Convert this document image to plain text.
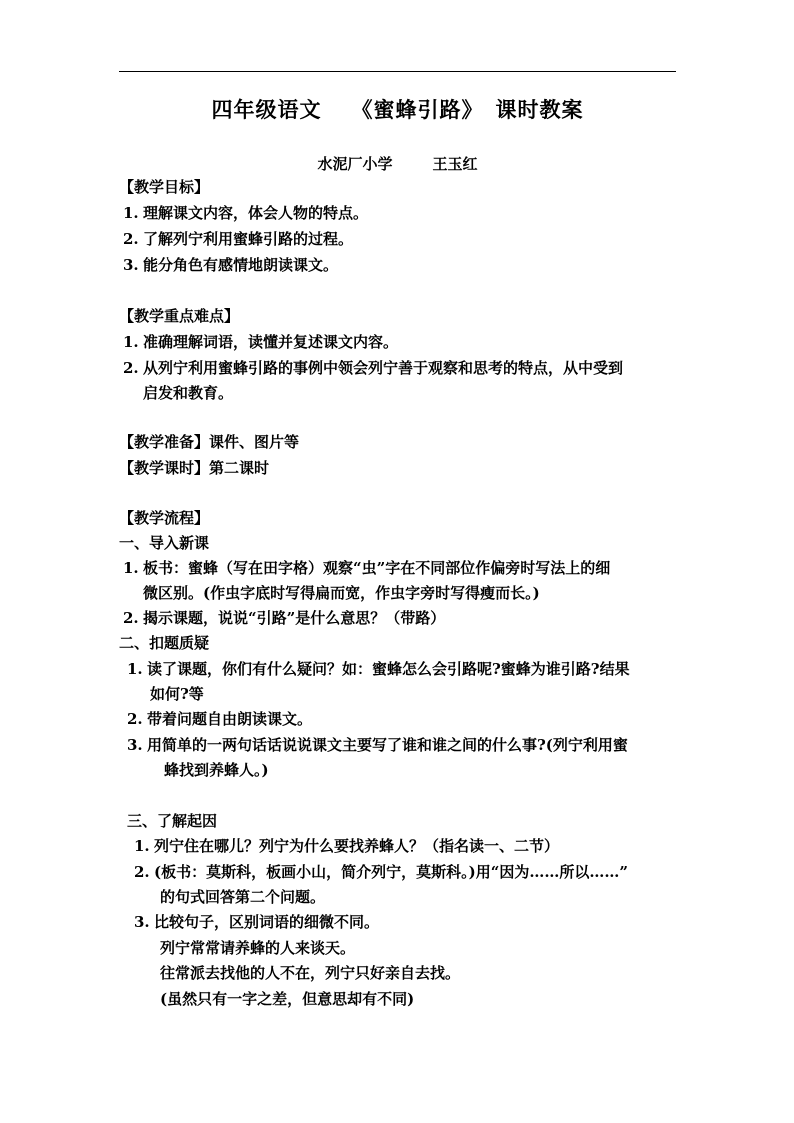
四年级语文 《蜜蜂引路》 课时教案
水泥厂小学	王玉红
【教学目标】
1. 理解课文内容，体会人物的特点。
2. 了解列宁利用蜜蜂引路的过程。
3. 能分角色有感情地朗读课文。
【教学重点难点】
1. 准确理解词语，读懂并复述课文内容。
2. 从列宁利用蜜蜂引路的事例中领会列宁善于观察和思考的特点，从中受到
启发和教育。
【教学准备】课件、图片等
【教学课时】第二课时
【教学流程】
一、导入新课
1. 板书：蜜蜂（写在田字格）观察“虫”字在不同部位作偏旁时写法上的细
微区别。(作虫字底时写得扁而宽，作虫字旁时写得瘦而长。)
2. 揭示课题，说说“引路”是什么意思？（带路）
二、扣题质疑
1. 读了课题，你们有什么疑问？如：蜜蜂怎么会引路呢?蜜蜂为谁引路?结果
如何?等
2. 带着问题自由朗读课文。
3. 用简单的一两句话话说说课文主要写了谁和谁之间的什么事?(列宁利用蜜
蜂找到养蜂人。)
三、了解起因
1. 列宁住在哪儿？列宁为什么要找养蜂人？（指名读一、二节）
2. (板书：莫斯科，板画小山，简介列宁，莫斯科。)用“因为……所以……”
的句式回答第二个问题。
3. 比较句子，区别词语的细微不同。
列宁常常请养蜂的人来谈天。
往常派去找他的人不在，列宁只好亲自去找。
(虽然只有一字之差，但意思却有不同)
